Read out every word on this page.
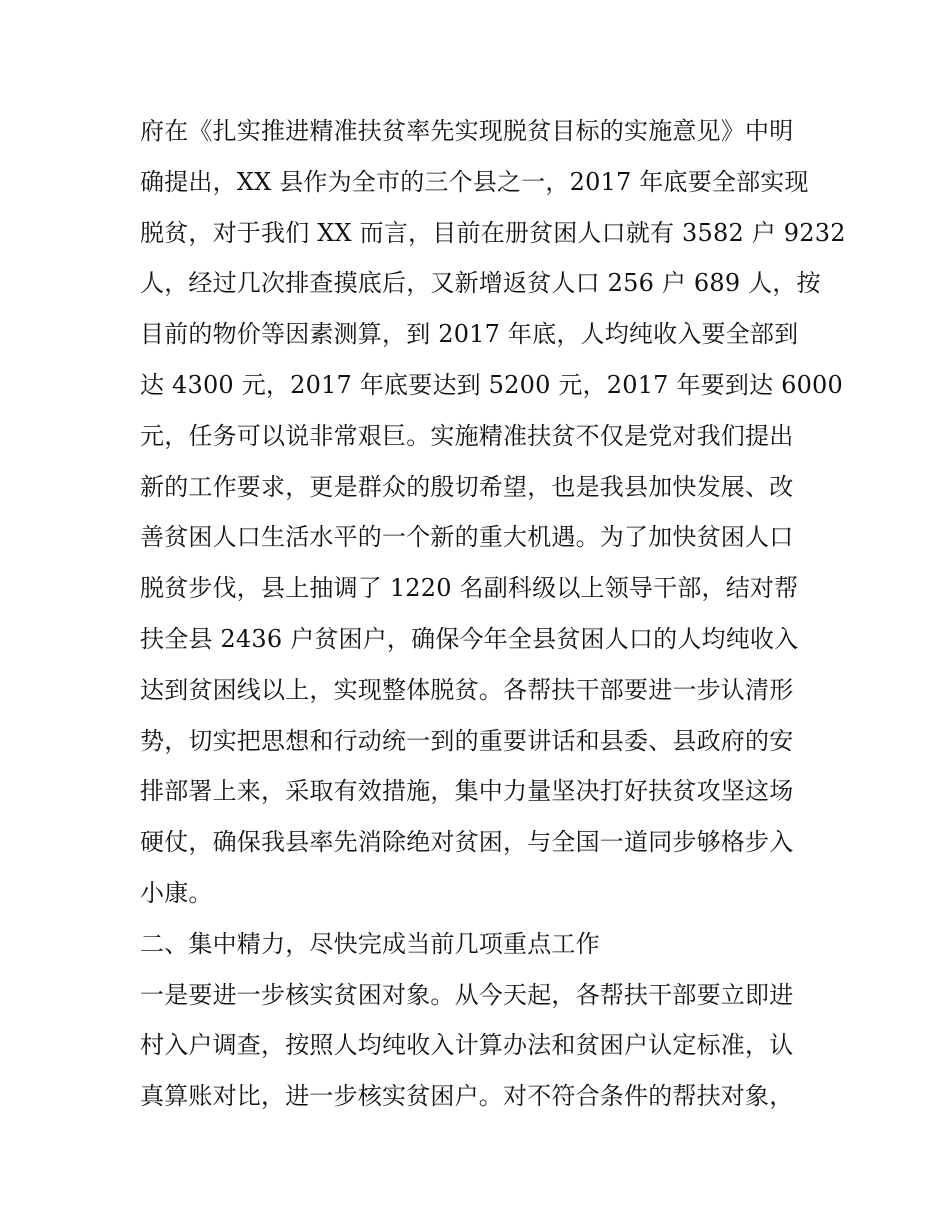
府在《扎实推进精准扶贫率先实现脱贫目标的实施意见》中明
确提出，XX 县作为全市的三个县之一，2017 年底要全部实现
脱贫，对于我们 XX 而言，目前在册贫困人口就有 3582 户 9232
人，经过几次排查摸底后，又新增返贫人口 256 户 689 人，按
目前的物价等因素测算，到 2017 年底，人均纯收入要全部到
达 4300 元，2017 年底要达到 5200 元，2017 年要到达 6000
元，任务可以说非常艰巨。实施精准扶贫不仅是党对我们提出
新的工作要求，更是群众的殷切希望，也是我县加快发展、改
善贫困人口生活水平的一个新的重大机遇。为了加快贫困人口
脱贫步伐，县上抽调了 1220 名副科级以上领导干部，结对帮
扶全县 2436 户贫困户，确保今年全县贫困人口的人均纯收入
达到贫困线以上，实现整体脱贫。各帮扶干部要进一步认清形
势，切实把思想和行动统一到的重要讲话和县委、县政府的安
排部署上来，采取有效措施，集中力量坚决打好扶贫攻坚这场
硬仗，确保我县率先消除绝对贫困，与全国一道同步够格步入
小康。
二、集中精力，尽快完成当前几项重点工作
一是要进一步核实贫困对象。从今天起，各帮扶干部要立即进
村入户调查，按照人均纯收入计算办法和贫困户认定标准，认
真算账对比，进一步核实贫困户。对不符合条件的帮扶对象，
